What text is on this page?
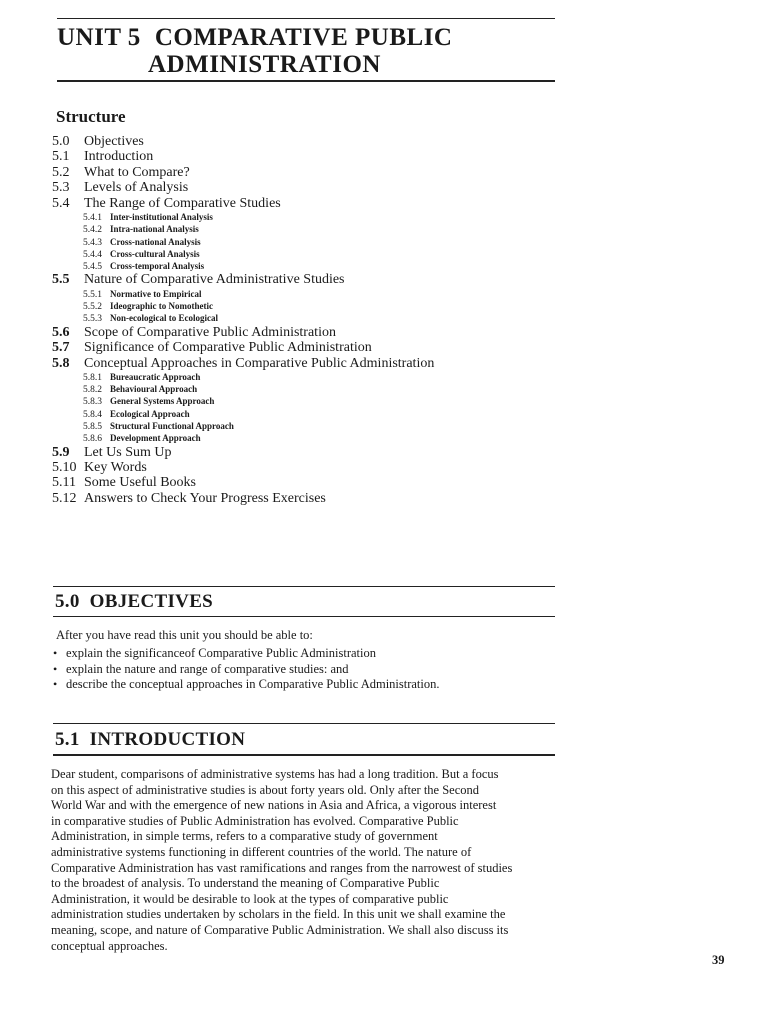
UNIT 5 COMPARATIVE PUBLIC
ADMINISTRATION
Structure
5.0 Objectives
5.1 Introduction
5.2 What to Compare?
5.3 Levels of Analysis
5.4 The Range of Comparative Studies
5.4.1 Inter-institutional Analysis
5.4.2 Intra-national Analysis
5.4.3 Cross-national Analysis
5.4.4 Cross-cultural Analysis
5.4.5 Cross-temporal Analysis
5.5 Nature of Comparative Administrative Studies
5.5.1 Normative to Empirical
5.5.2 Ideographic to Nomothetic
5.5.3 Non-ecological to Ecological
5.6 Scope of Comparative Public Administration
5.7 Significance of Comparative Public Administration
5.8 Conceptual Approaches in Comparative Public Administration
5.8.1 Bureaucratic Approach
5.8.2 Behavioural Approach
5.8.3 General Systems Approach
5.8.4 Ecological Approach
5.8.5 Structural Functional Approach
5.8.6 Development Approach
5.9 Let Us Sum Up
5.10 Key Words
5.11 Some Useful Books
5.12 Answers to Check Your Progress Exercises
5.0 OBJECTIVES
After you have read this unit you should be able to:
• explain the significanceof Comparative Public Administration
• explain the nature and range of comparative studies: and
• describe the conceptual approaches in Comparative Public Administration.
5.1 INTRODUCTION

Dear student, comparisons of administrative systems has had a long tradition. But a focus

on this aspect of administrative studies is about forty years old. Only after the Second

World War and with the emergence of new nations in Asia and Africa, a vigorous interest

in comparative studies of Public Administration has evolved. Comparative Public

Administration, in simple terms, refers to a comparative study of government

administrative systems functioning in different countries of the world. The nature of

Comparative Administration has vast ramifications and ranges from the narrowest of studies

to the broadest of analysis. To understand the meaning of Comparative Public

Administration, it would be desirable to look at the types of comparative public

administration studies undertaken by scholars in the field. In this unit we shall examine the

meaning, scope, and nature of Comparative Public Administration. We shall also discuss its

conceptual approaches.

39
